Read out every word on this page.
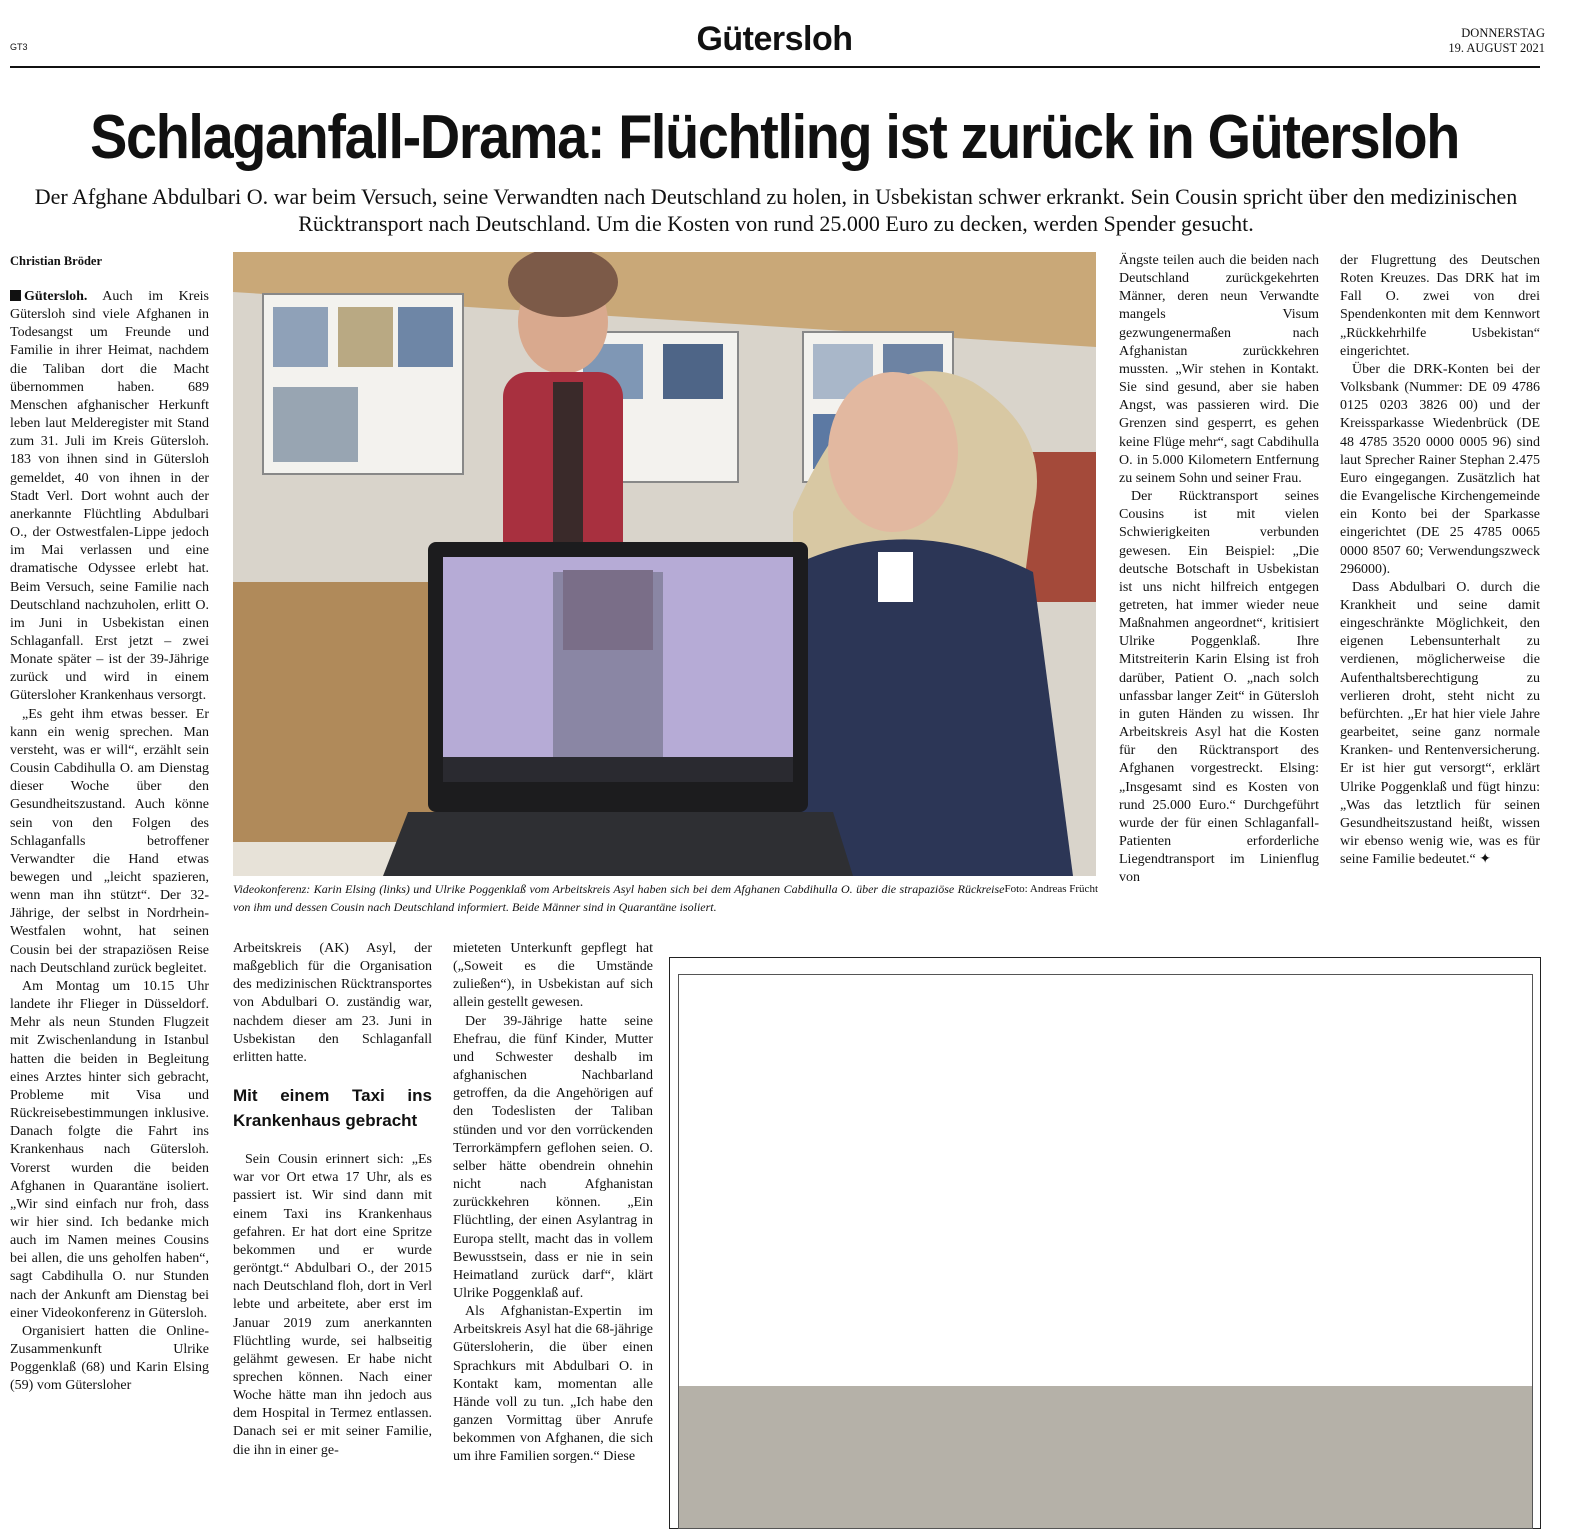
GT3	Gütersloh	DONNERSTAG
19. AUGUST 2021
Schlaganfall-Drama: Flüchtling ist zurück in Gütersloh
Der Afghane Abdulbari O. war beim Versuch, seine Verwandten nach Deutschland zu holen, in Usbekistan schwer erkrankt. Sein Cousin spricht über den medizinischen Rücktransport nach Deutschland. Um die Kosten von rund 25.000 Euro zu decken, werden Spender gesucht.
Christian Bröder

Gütersloh. Auch im Kreis Gütersloh sind viele Afghanen in Todesangst um Freunde und Familie in ihrer Heimat, nachdem die Taliban dort die Macht übernommen haben. 689 Menschen afghanischer Herkunft leben laut Melderegister mit Stand zum 31. Juli im Kreis Gütersloh. 183 von ihnen sind in Gütersloh gemeldet, 40 von ihnen in der Stadt Verl. Dort wohnt auch der anerkannte Flüchtling Abdulbari O., der Ostwestfalen-Lippe jedoch im Mai verlassen und eine dramatische Odyssee erlebt hat. Beim Versuch, seine Familie nach Deutschland nachzuholen, erlitt O. im Juni in Usbekistan einen Schlaganfall. Erst jetzt – zwei Monate später – ist der 39-Jährige zurück und wird in einem Gütersloher Krankenhaus versorgt.

„Es geht ihm etwas besser. Er kann ein wenig sprechen. Man versteht, was er will“, erzählt sein Cousin Cabdihulla O. am Dienstag dieser Woche über den Gesundheitszustand. Auch könne sein von den Folgen des Schlaganfalls betroffener Verwandter die Hand etwas bewegen und „leicht spazieren, wenn man ihn stützt“. Der 32-Jährige, der selbst in Nordrhein-Westfalen wohnt, hat seinen Cousin bei der strapaziösen Reise nach Deutschland zurück begleitet.

Am Montag um 10.15 Uhr landete ihr Flieger in Düsseldorf. Mehr als neun Stunden Flugzeit mit Zwischenlandung in Istanbul hatten die beiden in Begleitung eines Arztes hinter sich gebracht, Probleme mit Visa und Rückreisebestimmungen inklusive. Danach folgte die Fahrt ins Krankenhaus nach Gütersloh. Vorerst wurden die beiden Afghanen in Quarantäne isoliert. „Wir sind einfach nur froh, dass wir hier sind. Ich bedanke mich auch im Namen meines Cousins bei allen, die uns geholfen haben“, sagt Cabdihulla O. nur Stunden nach der Ankunft am Dienstag bei einer Videokonferenz in Gütersloh.

Organisiert hatten die Online-Zusammenkunft Ulrike Poggenklaß (68) und Karin Elsing (59) vom Gütersloher

Foto: Andreas Frücht
Videokonferenz: Karin Elsing (links) und Ulrike Poggenklaß vom Arbeitskreis Asyl haben sich bei dem Afghanen Cabdihulla O. über die strapaziöse Rückreise von ihm und dessen Cousin nach Deutschland informiert. Beide Männer sind in Quarantäne isoliert.

Arbeitskreis (AK) Asyl, der maßgeblich für die Organisation des medizinischen Rücktransportes von Abdulbari O. zuständig war, nachdem dieser am 23. Juni in Usbekistan den Schlaganfall erlitten hatte.

Mit einem Taxi ins Krankenhaus gebracht

Sein Cousin erinnert sich: „Es war vor Ort etwa 17 Uhr, als es passiert ist. Wir sind dann mit einem Taxi ins Krankenhaus gefahren. Er hat dort eine Spritze bekommen und er wurde geröntgt.“ Abdulbari O., der 2015 nach Deutschland floh, dort in Verl lebte und arbeitete, aber erst im Januar 2019 zum anerkannten Flüchtling wurde, sei halbseitig gelähmt gewesen. Er habe nicht sprechen können. Nach einer Woche hätte man ihn jedoch aus dem Hospital in Termez entlassen. Danach sei er mit seiner Familie, die ihn in einer ge-

mieteten Unterkunft gepflegt hat („Soweit es die Umstände zuließen“), in Usbekistan auf sich allein gestellt gewesen.

Der 39-Jährige hatte seine Ehefrau, die fünf Kinder, Mutter und Schwester deshalb im afghanischen Nachbarland getroffen, da die Angehörigen auf den Todeslisten der Taliban stünden und vor den vorrückenden Terrorkämpfern geflohen seien. O. selber hätte obendrein ohnehin nicht nach Afghanistan zurückkehren können. „Ein Flüchtling, der einen Asylantrag in Europa stellt, macht das in vollem Bewusstsein, dass er nie in sein Heimatland zurück darf“, klärt Ulrike Poggenklaß auf.

Als Afghanistan-Expertin im Arbeitskreis Asyl hat die 68-jährige Gütersloherin, die über einen Sprachkurs mit Abdulbari O. in Kontakt kam, momentan alle Hände voll zu tun. „Ich habe den ganzen Vormittag über Anrufe bekommen von Afghanen, die sich um ihre Familien sorgen.“ Diese

Ängste teilen auch die beiden nach Deutschland zurückgekehrten Männer, deren neun Verwandte mangels Visum gezwungenermaßen nach Afghanistan zurückkehren mussten. „Wir stehen in Kontakt. Sie sind gesund, aber sie haben Angst, was passieren wird. Die Grenzen sind gesperrt, es gehen keine Flüge mehr“, sagt Cabdihulla O. in 5.000 Kilometern Entfernung zu seinem Sohn und seiner Frau.

Der Rücktransport seines Cousins ist mit vielen Schwierigkeiten verbunden gewesen. Ein Beispiel: „Die deutsche Botschaft in Usbekistan ist uns nicht hilfreich entgegen getreten, hat immer wieder neue Maßnahmen angeordnet“, kritisiert Ulrike Poggenklaß. Ihre Mitstreiterin Karin Elsing ist froh darüber, Patient O. „nach solch unfassbar langer Zeit“ in Gütersloh in guten Händen zu wissen. Ihr Arbeitskreis Asyl hat die Kosten für den Rücktransport des Afghanen vorgestreckt. Elsing: „Insgesamt sind es Kosten von rund 25.000 Euro.“ Durchgeführt wurde der für einen Schlaganfall-Patienten erforderliche Liegendtransport im Linienflug von

der Flugrettung des Deutschen Roten Kreuzes. Das DRK hat im Fall O. zwei von drei Spendenkonten mit dem Kennwort „Rückkehrhilfe Usbekistan“ eingerichtet.

Über die DRK-Konten bei der Volksbank (Nummer: DE 09 4786 0125 0203 3826 00) und der Kreissparkasse Wiedenbrück (DE 48 4785 3520 0000 0005 96) sind laut Sprecher Rainer Stephan 2.475 Euro eingegangen. Zusätzlich hat die Evangelische Kirchengemeinde ein Konto bei der Sparkasse eingerichtet (DE 25 4785 0065 0000 8507 60; Verwendungszweck 296000).

Dass Abdulbari O. durch die Krankheit und seine damit eingeschränkte Möglichkeit, den eigenen Lebensunterhalt zu verdienen, möglicherweise die Aufenthaltsberechtigung zu verlieren droht, steht nicht zu befürchten. „Er hat hier viele Jahre gearbeitet, seine ganz normale Kranken- und Rentenversicherung. Er ist hier gut versorgt“, erklärt Ulrike Poggenklaß und fügt hinzu: „Was das letztlich für seinen Gesundheitszustand heißt, wissen wir ebenso wenig wie, was es für seine Familie bedeutet.“ ✦
